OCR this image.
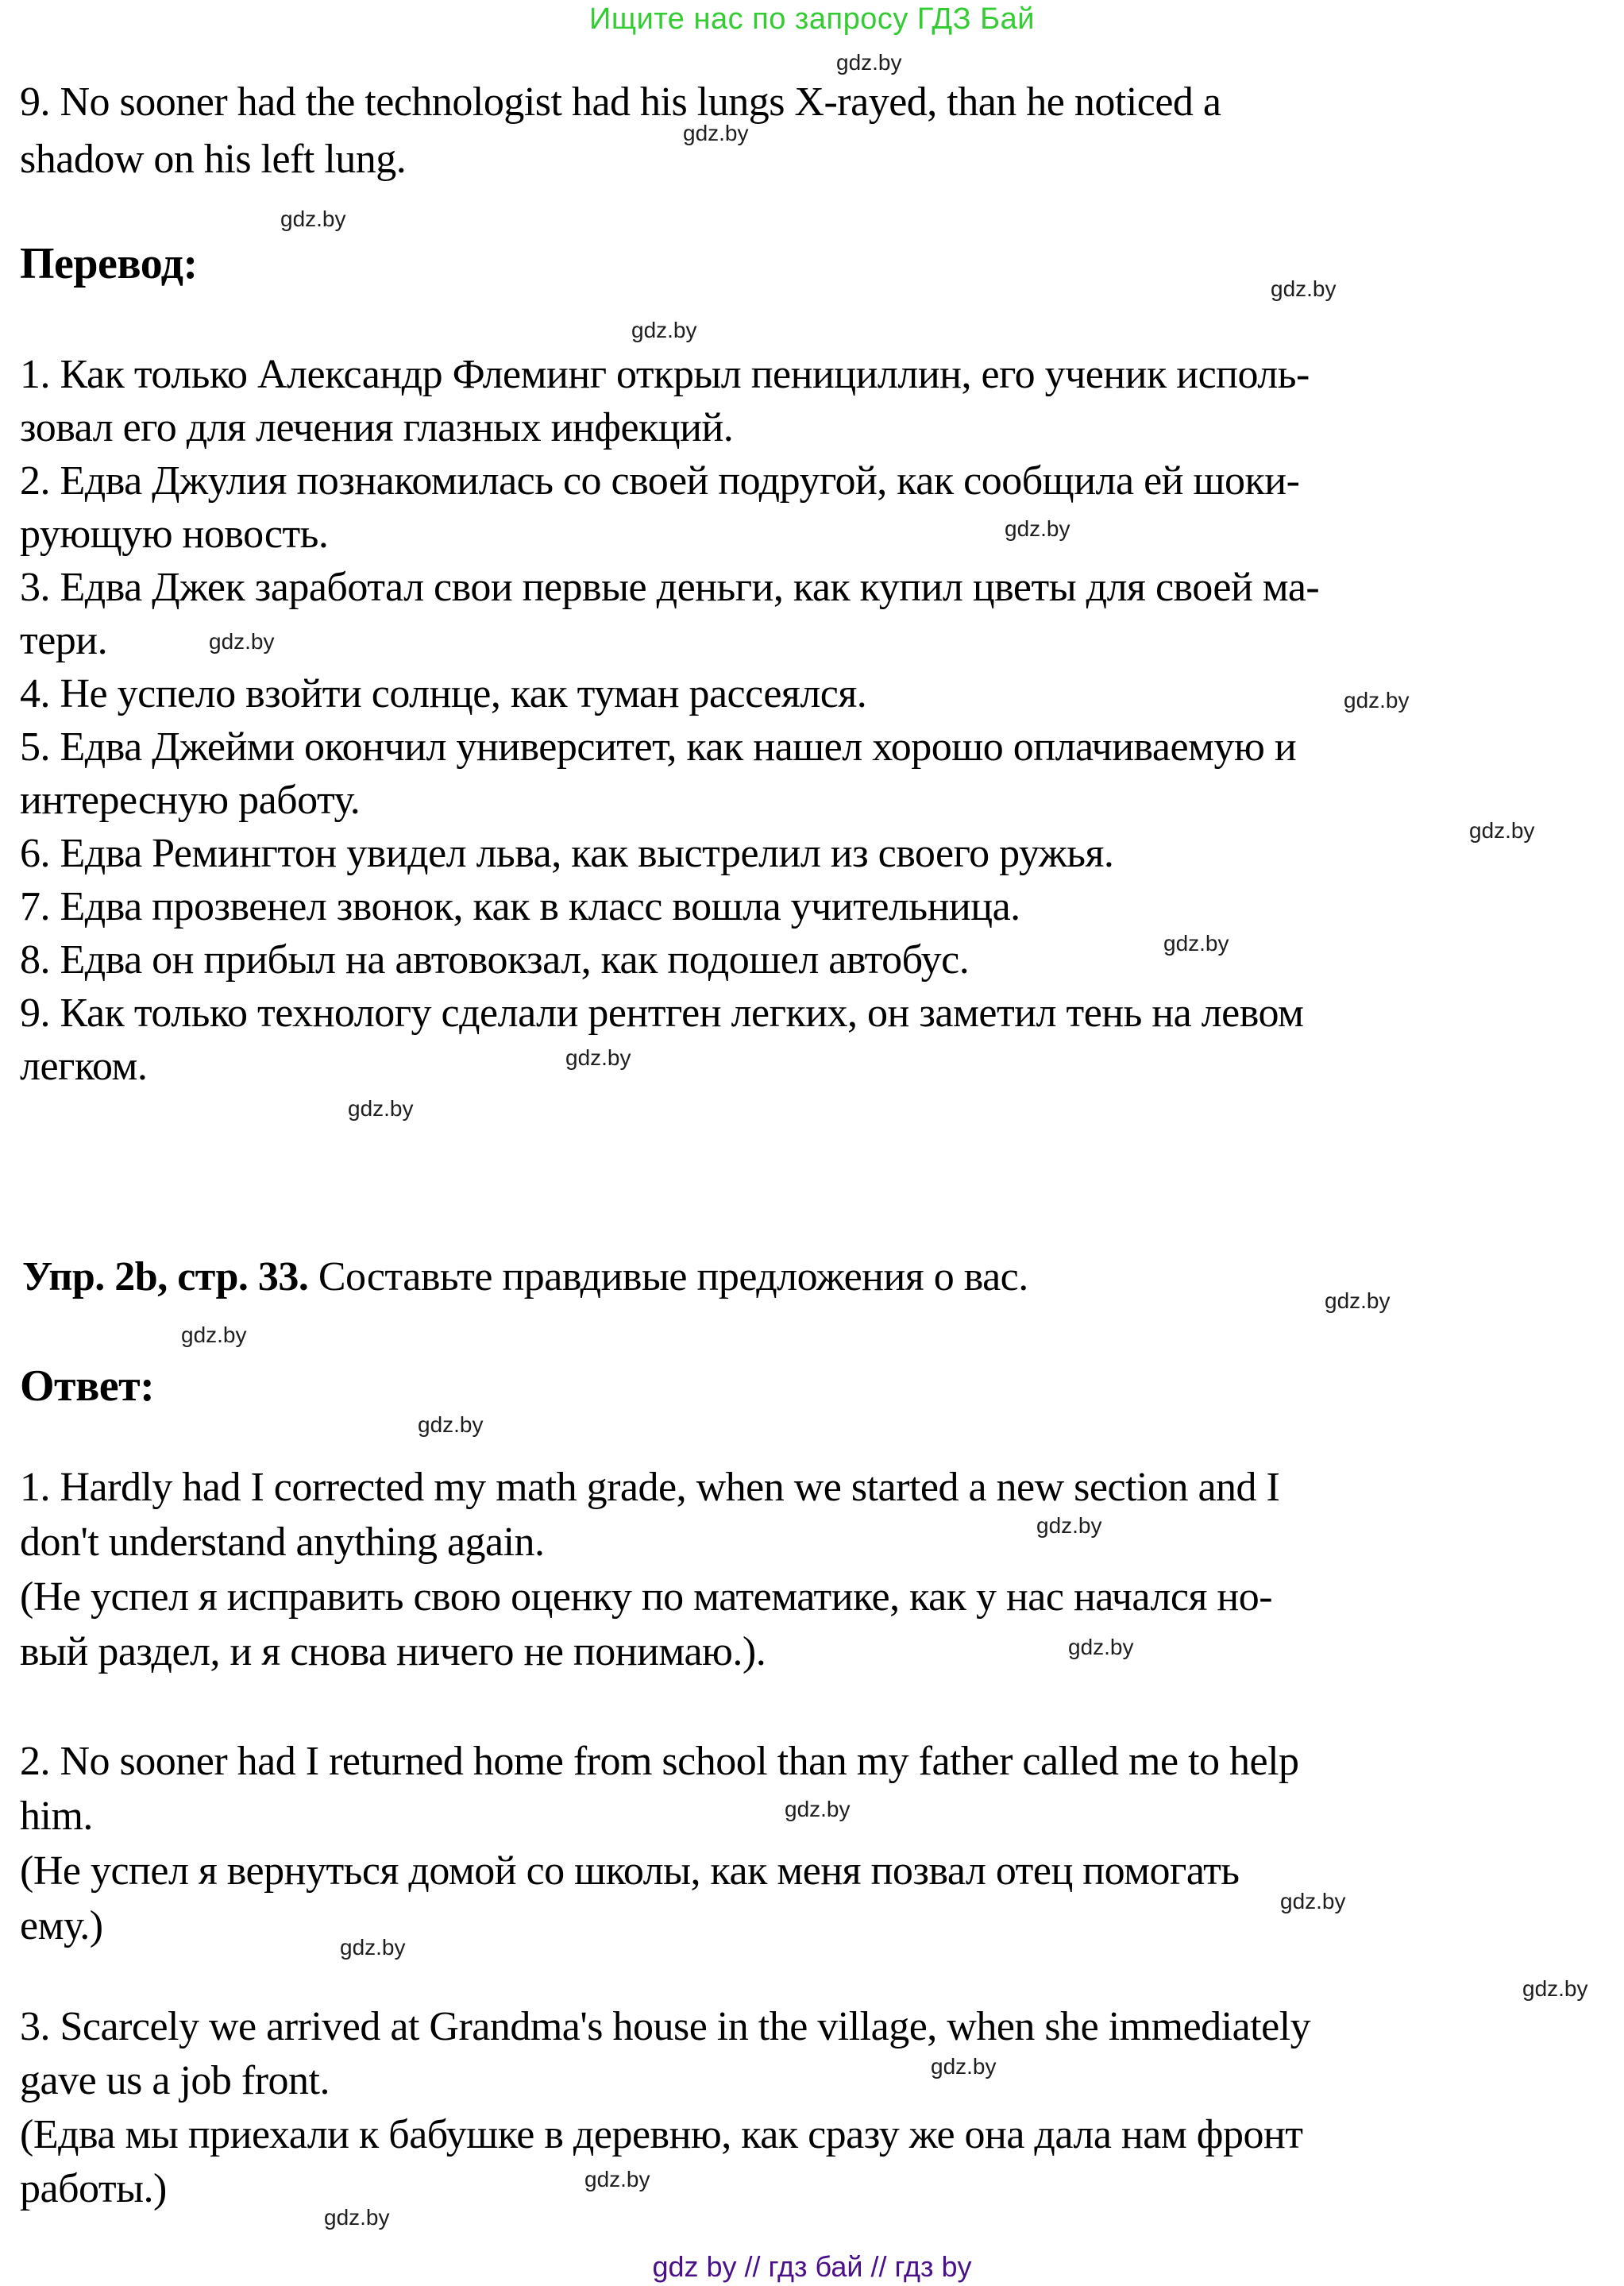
Ищите нас по запросу ГДЗ Бай
gdz.by
gdz.by
gdz.by
gdz.by
gdz.by
gdz.by
gdz.by
gdz.by
gdz.by
gdz.by
gdz.by
gdz.by
gdz.by
gdz.by
gdz.by
gdz.by
gdz.by
gdz.by
gdz.by
gdz.by
gdz.by
gdz.by
gdz.by
gdz.by
9. No sooner had the technologist had his lungs X-rayed, than he noticed a
shadow on his left lung.
Перевод:
1. Как только Александр Флеминг открыл пенициллин, его ученик исполь-
зовал его для лечения глазных инфекций.
2. Едва Джулия познакомилась со своей подругой, как сообщила ей шоки-
рующую новость.
3. Едва Джек заработал свои первые деньги, как купил цветы для своей ма-
тери.
4. Не успело взойти солнце, как туман рассеялся.
5. Едва Джейми окончил университет, как нашел хорошо оплачиваемую и
интересную работу.
6. Едва Ремингтон увидел льва, как выстрелил из своего ружья.
7. Едва прозвенел звонок, как в класс вошла учительница.
8. Едва он прибыл на автовокзал, как подошел автобус.
9. Как только технологу сделали рентген легких, он заметил тень на левом
легком.
Упр. 2b, стр. 33. Составьте правдивые предложения о вас.
Ответ:
1. Hardly had I corrected my math grade, when we started a new section and I
don't understand anything again.
(Не успел я исправить свою оценку по математике, как у нас начался но-
вый раздел, и я снова ничего не понимаю.).
2. No sooner had I returned home from school than my father called me to help
him.
(Не успел я вернуться домой со школы, как меня позвал отец помогать
ему.)
3. Scarcely we arrived at Grandma's house in the village, when she immediately
gave us a job front.
(Едва мы приехали к бабушке в деревню, как сразу же она дала нам фронт
работы.)
gdz by // гдз бай // гдз by
